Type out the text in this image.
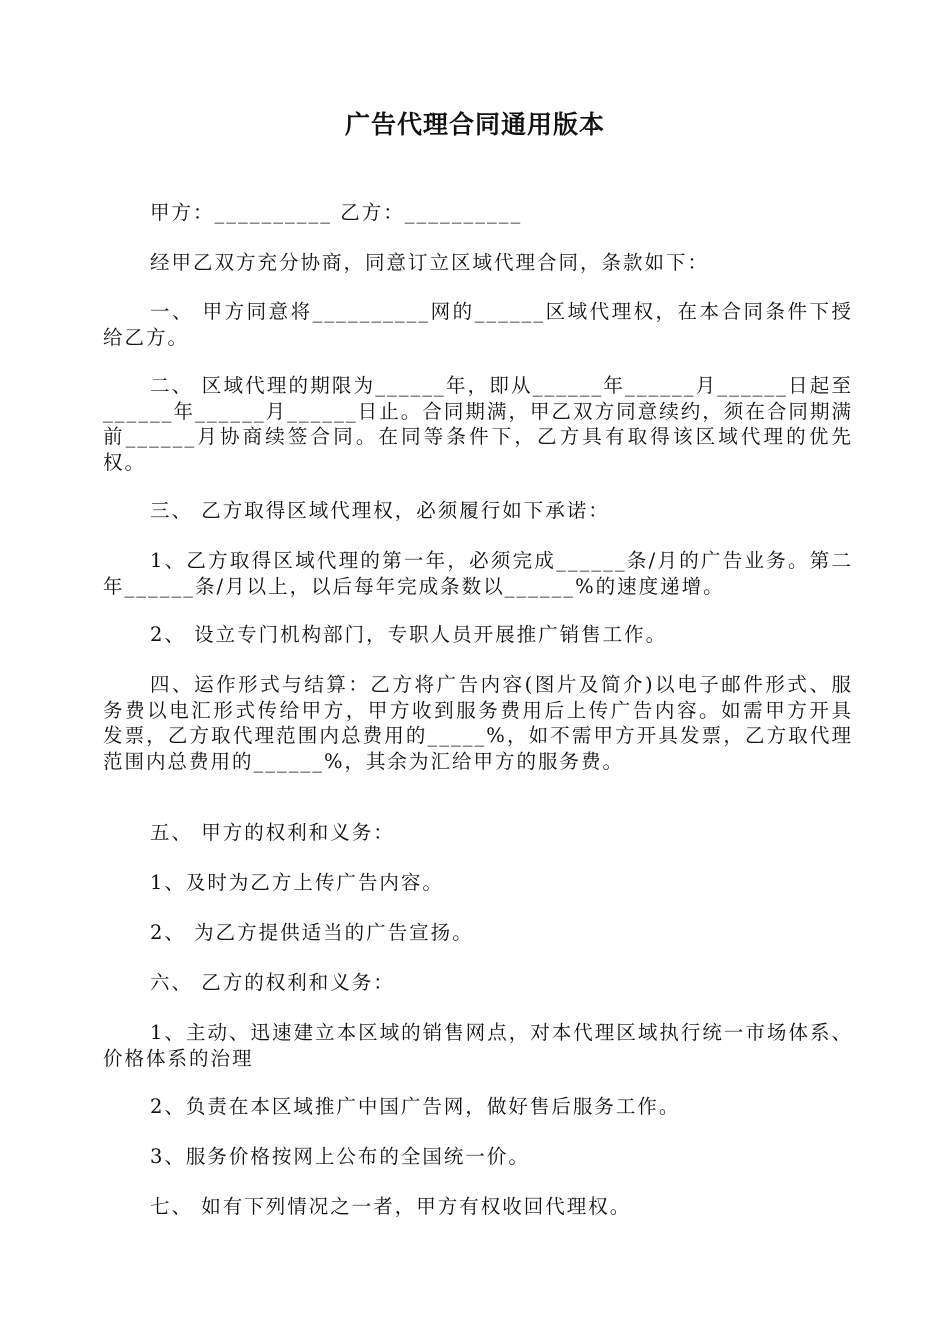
广告代理合同通用版本
甲方：__________ 乙方：__________
经甲乙双方充分协商，同意订立区域代理合同，条款如下：
一、 甲方同意将__________网的______区域代理权，在本合同条件下授给乙方。
二、 区域代理的期限为______年，即从______年______月______日起至______年______月______日止。合同期满，甲乙双方同意续约，须在合同期满前______月协商续签合同。在同等条件下，乙方具有取得该区域代理的优先权。
三、 乙方取得区域代理权，必须履行如下承诺：
1、乙方取得区域代理的第一年，必须完成______条/月的广告业务。第二年______条/月以上，以后每年完成条数以______%的速度递增。
2、 设立专门机构部门，专职人员开展推广销售工作。
四、运作形式与结算：乙方将广告内容(图片及简介)以电子邮件形式、服务费以电汇形式传给甲方，甲方收到服务费用后上传广告内容。如需甲方开具发票，乙方取代理范围内总费用的_____%，如不需甲方开具发票，乙方取代理范围内总费用的______%，其余为汇给甲方的服务费。
五、 甲方的权利和义务：
1、及时为乙方上传广告内容。
2、 为乙方提供适当的广告宣扬。
六、 乙方的权利和义务：
1、主动、迅速建立本区域的销售网点，对本代理区域执行统一市场体系、价格体系的治理
2、负责在本区域推广中国广告网，做好售后服务工作。
3、服务价格按网上公布的全国统一价。
七、 如有下列情况之一者，甲方有权收回代理权。
